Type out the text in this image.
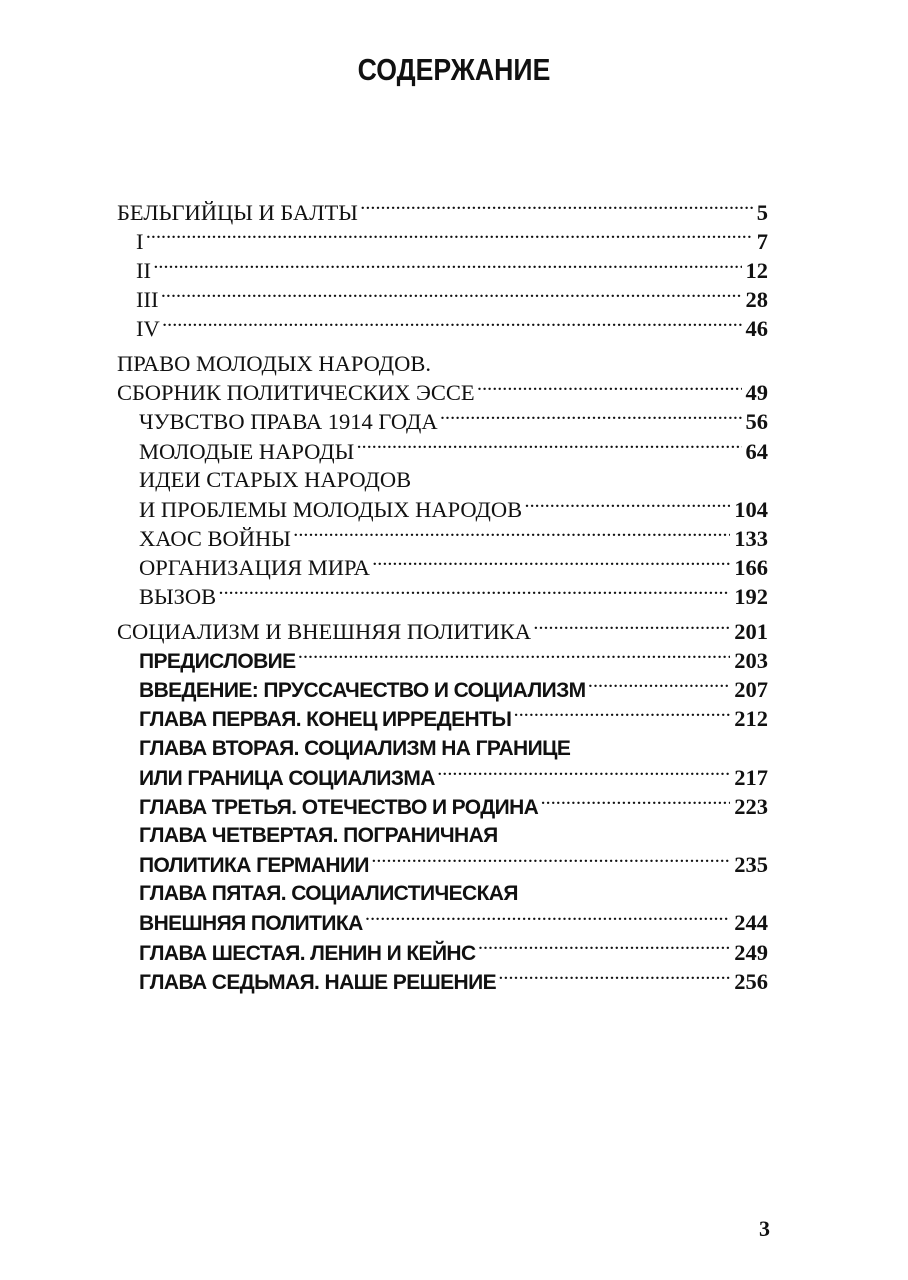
СОДЕРЖАНИЕ
БЕЛЬГИЙЦЫ И БАЛТЫ .....	5
I .....	7
II .....	12
III .....	28
IV .....	46
ПРАВО МОЛОДЫХ НАРОДОВ.
СБОРНИК ПОЛИТИЧЕСКИХ ЭССЕ .....	49
ЧУВСТВО ПРАВА 1914 ГОДА .....	56
МОЛОДЫЕ НАРОДЫ .....	64
ИДЕИ СТАРЫХ НАРОДОВ
И ПРОБЛЕМЫ МОЛОДЫХ НАРОДОВ .....	104
ХАОС ВОЙНЫ .....	133
ОРГАНИЗАЦИЯ МИРА .....	166
ВЫЗОВ .....	192
СОЦИАЛИЗМ И ВНЕШНЯЯ ПОЛИТИКА .....	201
ПРЕДИСЛОВИЕ .....	203
ВВЕДЕНИЕ: ПРУССАЧЕСТВО И СОЦИАЛИЗМ .....	207
ГЛАВА ПЕРВАЯ. КОНЕЦ ИРРЕДЕНТЫ .....	212
ГЛАВА ВТОРАЯ. СОЦИАЛИЗМ НА ГРАНИЦЕ
ИЛИ ГРАНИЦА СОЦИАЛИЗМА .....	217
ГЛАВА ТРЕТЬЯ. ОТЕЧЕСТВО И РОДИНА .....	223
ГЛАВА ЧЕТВЕРТАЯ. ПОГРАНИЧНАЯ
ПОЛИТИКА ГЕРМАНИИ .....	235
ГЛАВА ПЯТАЯ. СОЦИАЛИСТИЧЕСКАЯ
ВНЕШНЯЯ ПОЛИТИКА .....	244
ГЛАВА ШЕСТАЯ. ЛЕНИН И КЕЙНС .....	249
ГЛАВА СЕДЬМАЯ. НАШЕ РЕШЕНИЕ .....	256
3
